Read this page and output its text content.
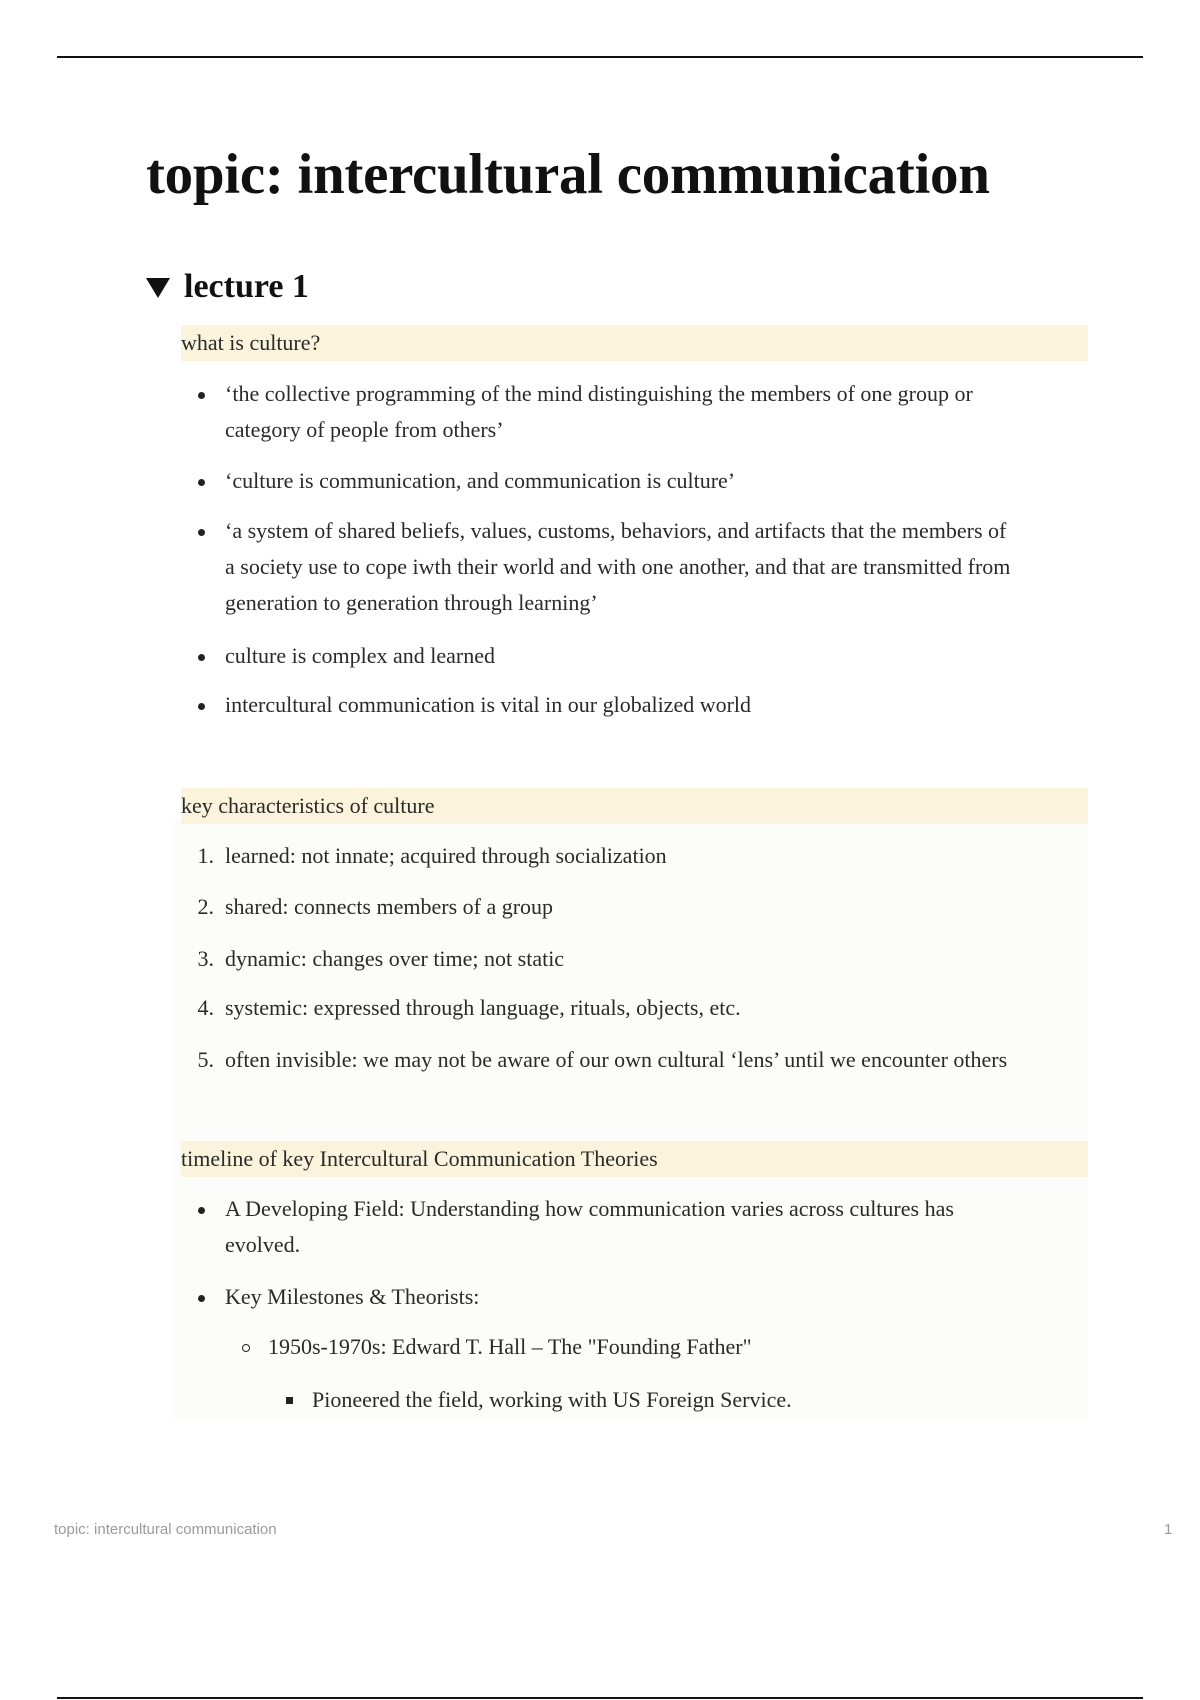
topic: intercultural communication
lecture 1
what is culture?
‘the collective programming of the mind distinguishing the members of one group or
category of people from others’
‘culture is communication, and communication is culture’
‘a system of shared beliefs, values, customs, behaviors, and artifacts that the members of
a society use to cope iwth their world and with one another, and that are transmitted from
generation to generation through learning’
culture is complex and learned
intercultural communication is vital in our globalized world
key characteristics of culture
1. learned: not innate; acquired through socialization
2. shared: connects members of a group
3. dynamic: changes over time; not static
4. systemic: expressed through language, rituals, objects, etc.
5. often invisible: we may not be aware of our own cultural ‘lens’ until we encounter others
timeline of key Intercultural Communication Theories
A Developing Field: Understanding how communication varies across cultures has
evolved.
Key Milestones & Theorists:
1950s-1970s: Edward T. Hall – The "Founding Father"
Pioneered the field, working with US Foreign Service.
topic: intercultural communication	1
